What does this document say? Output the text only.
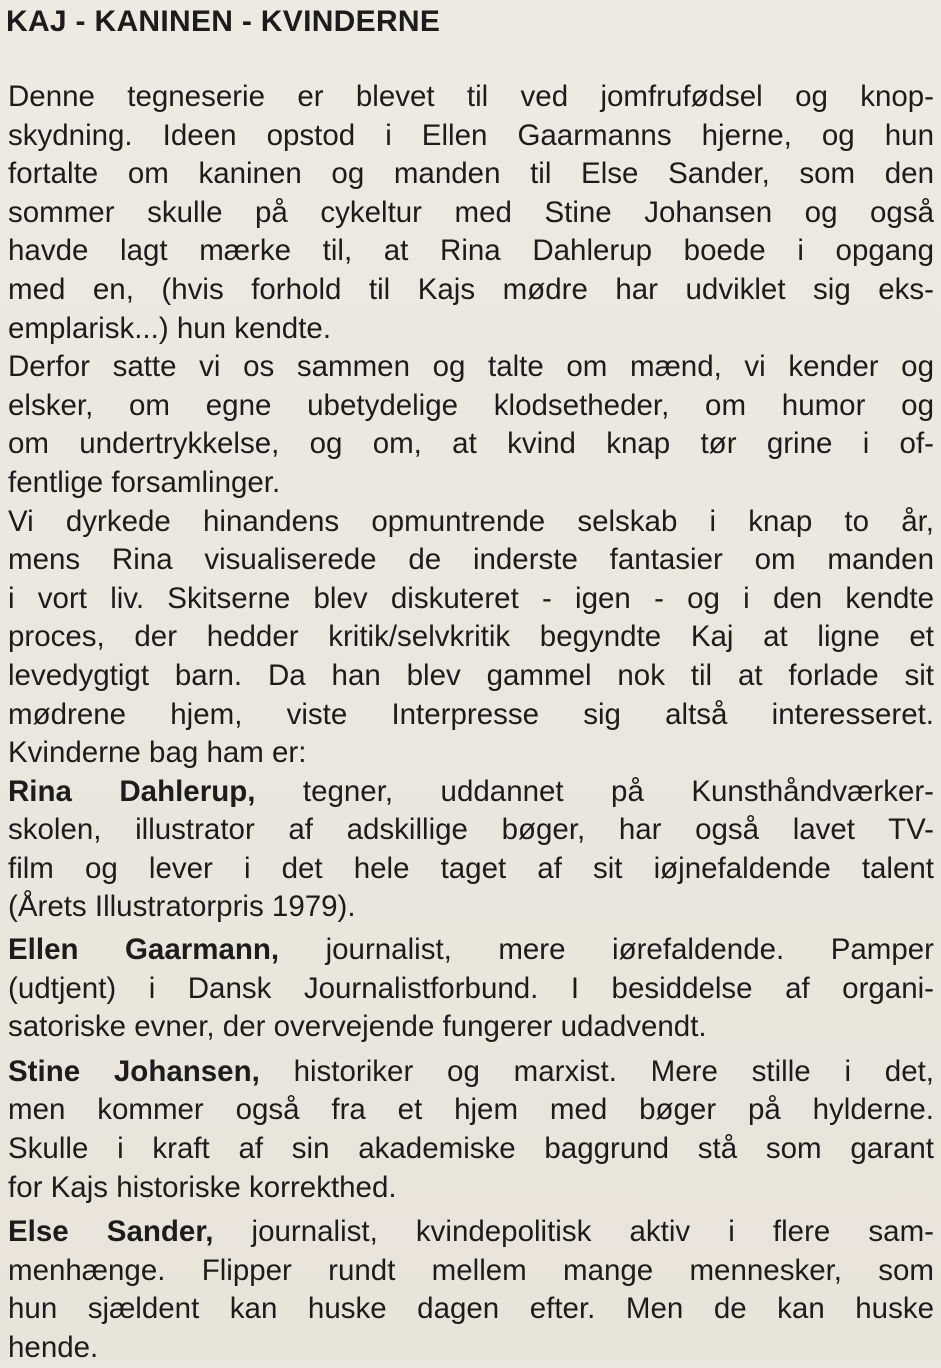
KAJ - KANINEN - KVINDERNE
Denne tegneserie er blevet til ved jomfrufødsel og knop-
skydning. Ideen opstod i Ellen Gaarmanns hjerne, og hun
fortalte om kaninen og manden til Else Sander, som den
sommer skulle på cykeltur med Stine Johansen og også
havde lagt mærke til, at Rina Dahlerup boede i opgang
med en, (hvis forhold til Kajs mødre har udviklet sig eks-
emplarisk...) hun kendte.
Derfor satte vi os sammen og talte om mænd, vi kender og
elsker, om egne ubetydelige klodsetheder, om humor og
om undertrykkelse, og om, at kvind knap tør grine i of-
fentlige forsamlinger.
Vi dyrkede hinandens opmuntrende selskab i knap to år,
mens Rina visualiserede de inderste fantasier om manden
i vort liv. Skitserne blev diskuteret - igen - og i den kendte
proces, der hedder kritik/selvkritik begyndte Kaj at ligne et
levedygtigt barn. Da han blev gammel nok til at forlade sit
mødrene hjem, viste Interpresse sig altså interesseret.
Kvinderne bag ham er:
Rina Dahlerup, tegner, uddannet på Kunsthåndværker-
skolen, illustrator af adskillige bøger, har også lavet TV-
film og lever i det hele taget af sit iøjnefaldende talent
(Årets Illustratorpris 1979).
Ellen Gaarmann, journalist, mere iørefaldende. Pamper
(udtjent) i Dansk Journalistforbund. I besiddelse af organi-
satoriske evner, der overvejende fungerer udadvendt.
Stine Johansen, historiker og marxist. Mere stille i det,
men kommer også fra et hjem med bøger på hylderne.
Skulle i kraft af sin akademiske baggrund stå som garant
for Kajs historiske korrekthed.
Else Sander, journalist, kvindepolitisk aktiv i flere sam-
menhænge. Flipper rundt mellem mange mennesker, som
hun sjældent kan huske dagen efter. Men de kan huske
hende.
